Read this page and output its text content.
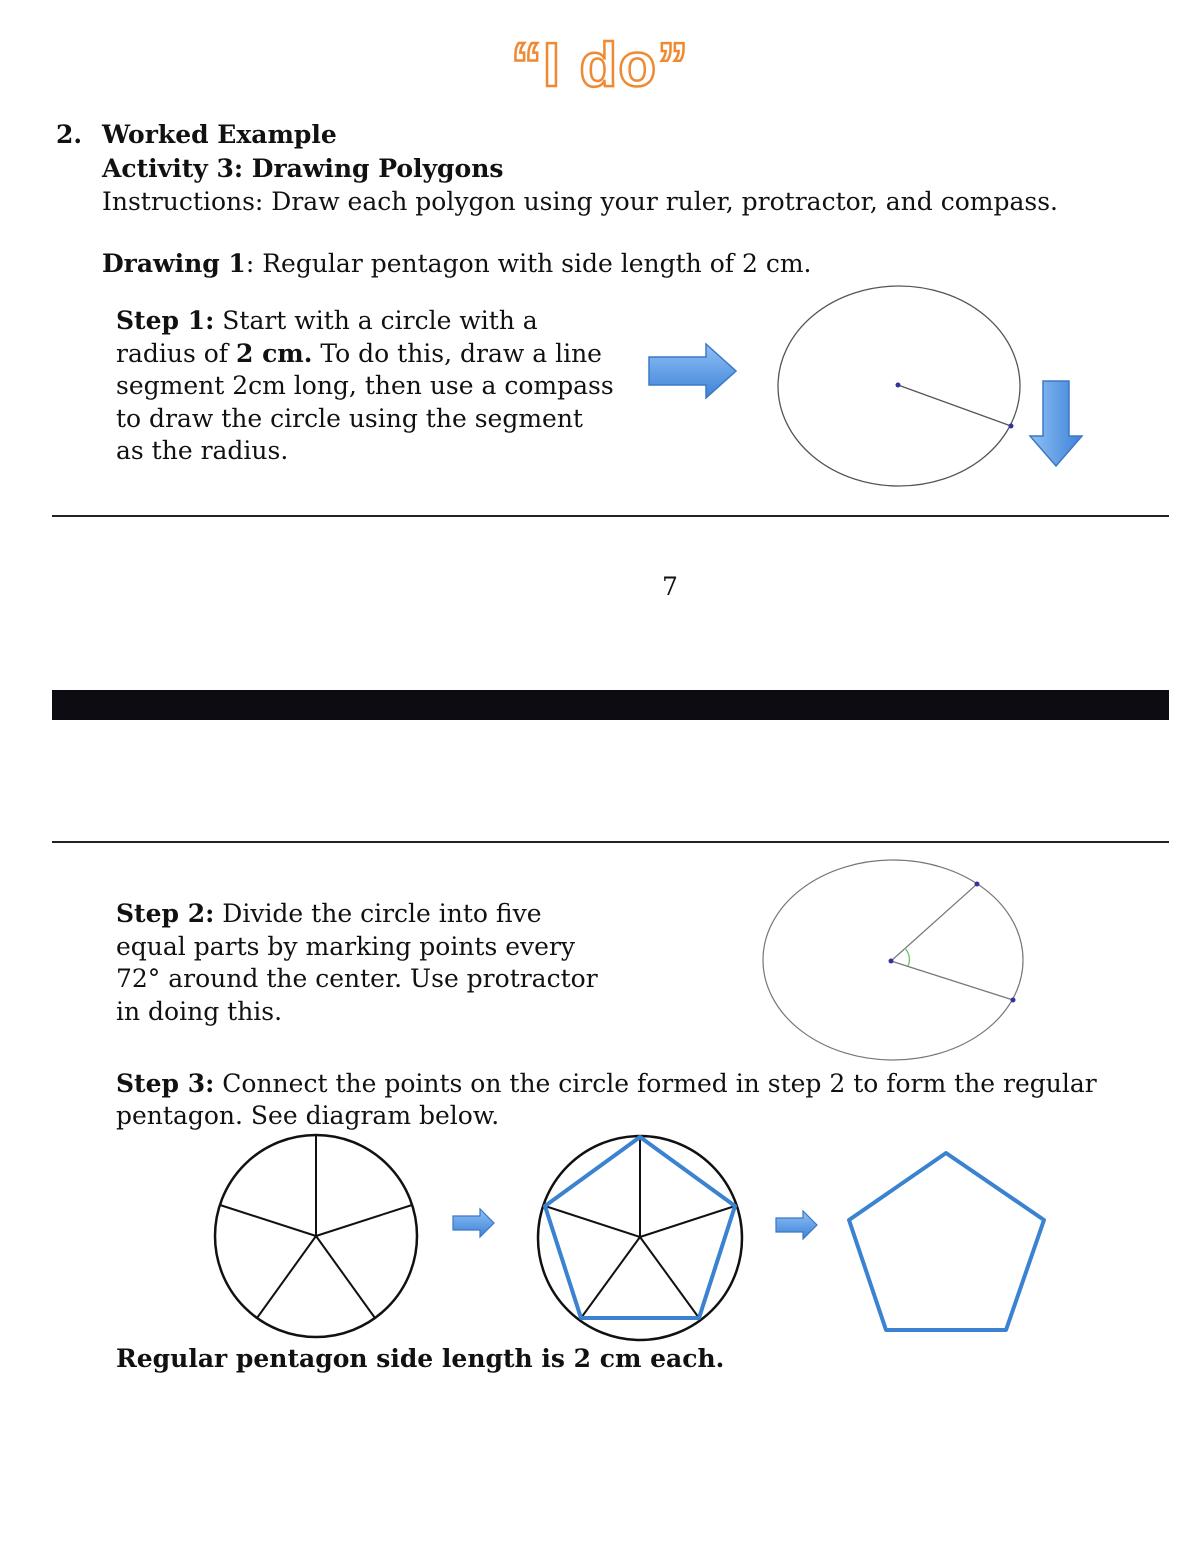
“I do”
2. Worked Example
Activity 3: Drawing Polygons
Instructions: Draw each polygon using your ruler, protractor, and compass.
Drawing 1: Regular pentagon with side length of 2 cm.
Step 1: Start with a circle with a radius of 2 cm. To do this, draw a line segment 2cm long, then use a compass to draw the circle using the segment as the radius.
7
Step 2: Divide the circle into five equal parts by marking points every 72° around the center. Use protractor in doing this.
Step 3: Connect the points on the circle formed in step 2 to form the regular pentagon. See diagram below.
Regular pentagon side length is 2 cm each.
